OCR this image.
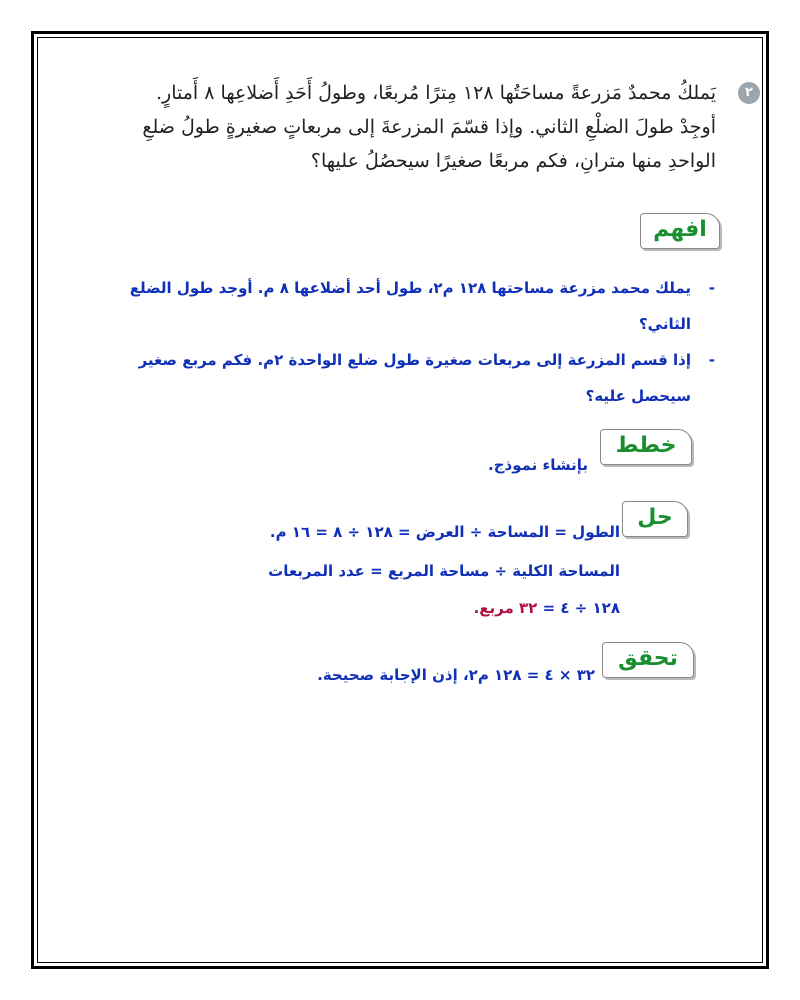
٢

يَملكُ محمدٌ مَزرعةً مساحَتُها ١٢٨ مِترًا مُربعًا، وطولُ أَحَدِ أَضلاعِها ٨ أَمتارٍ.
أوجِدْ طولَ الضلْعِ الثاني. وإذا قسّمَ المزرعةَ إلى مربعاتٍ صغيرةٍ طولُ ضلعِ
الواحدِ منها مترانِ، فكم مربعًا صغيرًا سيحصُلُ عليها؟

افهم
-يملك محمد مزرعة مساحتها ١٢٨ م٢، طول أحد أضلاعها ٨ م. أوجد طول الضلع
الثاني؟
-إذا قسم المزرعة إلى مربعات صغيرة طول ضلع الواحدة ٢م. فكم مربع صغير
سيحصل عليه؟
خطط
بإنشاء نموذج.
حل
الطول = المساحة ÷ العرض = ١٢٨ ÷ ٨ = ١٦ م.
المساحة الكلية ÷ مساحة المربع = عدد المربعات
١٢٨ ÷ ٤ = ٣٢ مربع.
تحقق
٣٢ × ٤ = ١٢٨ م٢، إذن الإجابة صحيحة.
